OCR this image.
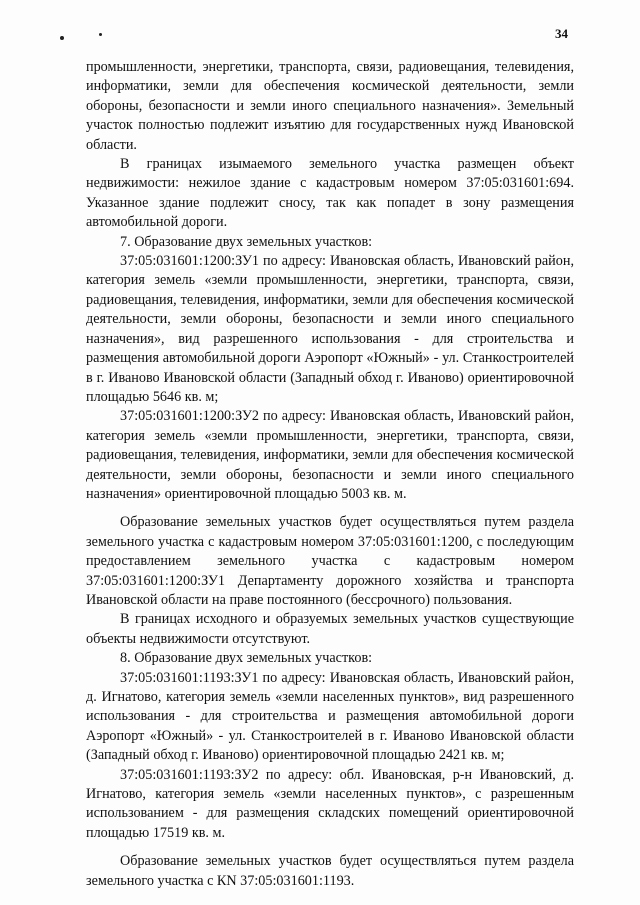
34

промышленности, энергетики, транспорта, связи, радиовещания, телевидения, информатики, земли для обеспечения космической деятельности, земли обороны, безопасности и земли иного специального назначения». Земельный участок полностью подлежит изъятию для государственных нужд Ивановской области.

В границах изымаемого земельного участка размещен объект недвижимости: нежилое здание с кадастровым номером 37:05:031601:694. Указанное здание подлежит сносу, так как попадет в зону размещения автомобильной дороги.

7. Образование двух земельных участков:

37:05:031601:1200:ЗУ1 по адресу: Ивановская область, Ивановский район, категория земель «земли промышленности, энергетики, транспорта, связи, радиовещания, телевидения, информатики, земли для обеспечения космической деятельности, земли обороны, безопасности и земли иного специального назначения», вид разрешенного использования - для строительства и размещения автомобильной дороги Аэропорт «Южный» - ул. Станкостроителей в г. Иваново Ивановской области (Западный обход г. Иваново) ориентировочной площадью 5646 кв. м;

37:05:031601:1200:ЗУ2 по адресу: Ивановская область, Ивановский район, категория земель «земли промышленности, энергетики, транспорта, связи, радиовещания, телевидения, информатики, земли для обеспечения космической деятельности, земли обороны, безопасности и земли иного специального назначения» ориентировочной площадью 5003 кв. м.

Образование земельных участков будет осуществляться путем раздела земельного участка с кадастровым номером 37:05:031601:1200, с последующим предоставлением земельного участка с кадастровым номером 37:05:031601:1200:ЗУ1 Департаменту дорожного хозяйства и транспорта Ивановской области на праве постоянного (бессрочного) пользования.

В границах исходного и образуемых земельных участков существующие объекты недвижимости отсутствуют.

8. Образование двух земельных участков:

37:05:031601:1193:ЗУ1 по адресу: Ивановская область, Ивановский район, д. Игнатово, категория земель «земли населенных пунктов», вид разрешенного использования - для строительства и размещения автомобильной дороги Аэропорт «Южный» - ул. Станкостроителей в г. Иваново Ивановской области (Западный обход г. Иваново) ориентировочной площадью 2421 кв. м;

37:05:031601:1193:ЗУ2 по адресу: обл. Ивановская, р-н Ивановский, д. Игнатово, категория земель «земли населенных пунктов», с разрешенным использованием - для размещения складских помещений ориентировочной площадью 17519 кв. м.

Образование земельных участков будет осуществляться путем раздела земельного участка с КN 37:05:031601:1193.
